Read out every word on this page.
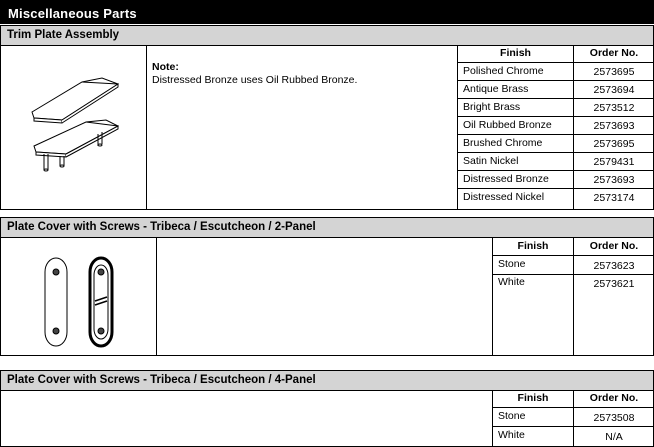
Miscellaneous Parts
Trim Plate Assembly
Note:
Distressed Bronze uses Oil Rubbed Bronze.
Finish	Order No.
Polished Chrome	2573695
Antique Brass	2573694
Bright Brass	2573512
Oil Rubbed Bronze	2573693
Brushed Chrome	2573695
Satin Nickel	2579431
Distressed Bronze	2573693
Distressed Nickel	2573174
Plate Cover with Screws - Tribeca / Escutcheon / 2-Panel
Finish	Order No.
Stone	2573623
White	2573621
Plate Cover with Screws - Tribeca / Escutcheon / 4-Panel
Finish	Order No.
Stone	2573508
White	N/A
